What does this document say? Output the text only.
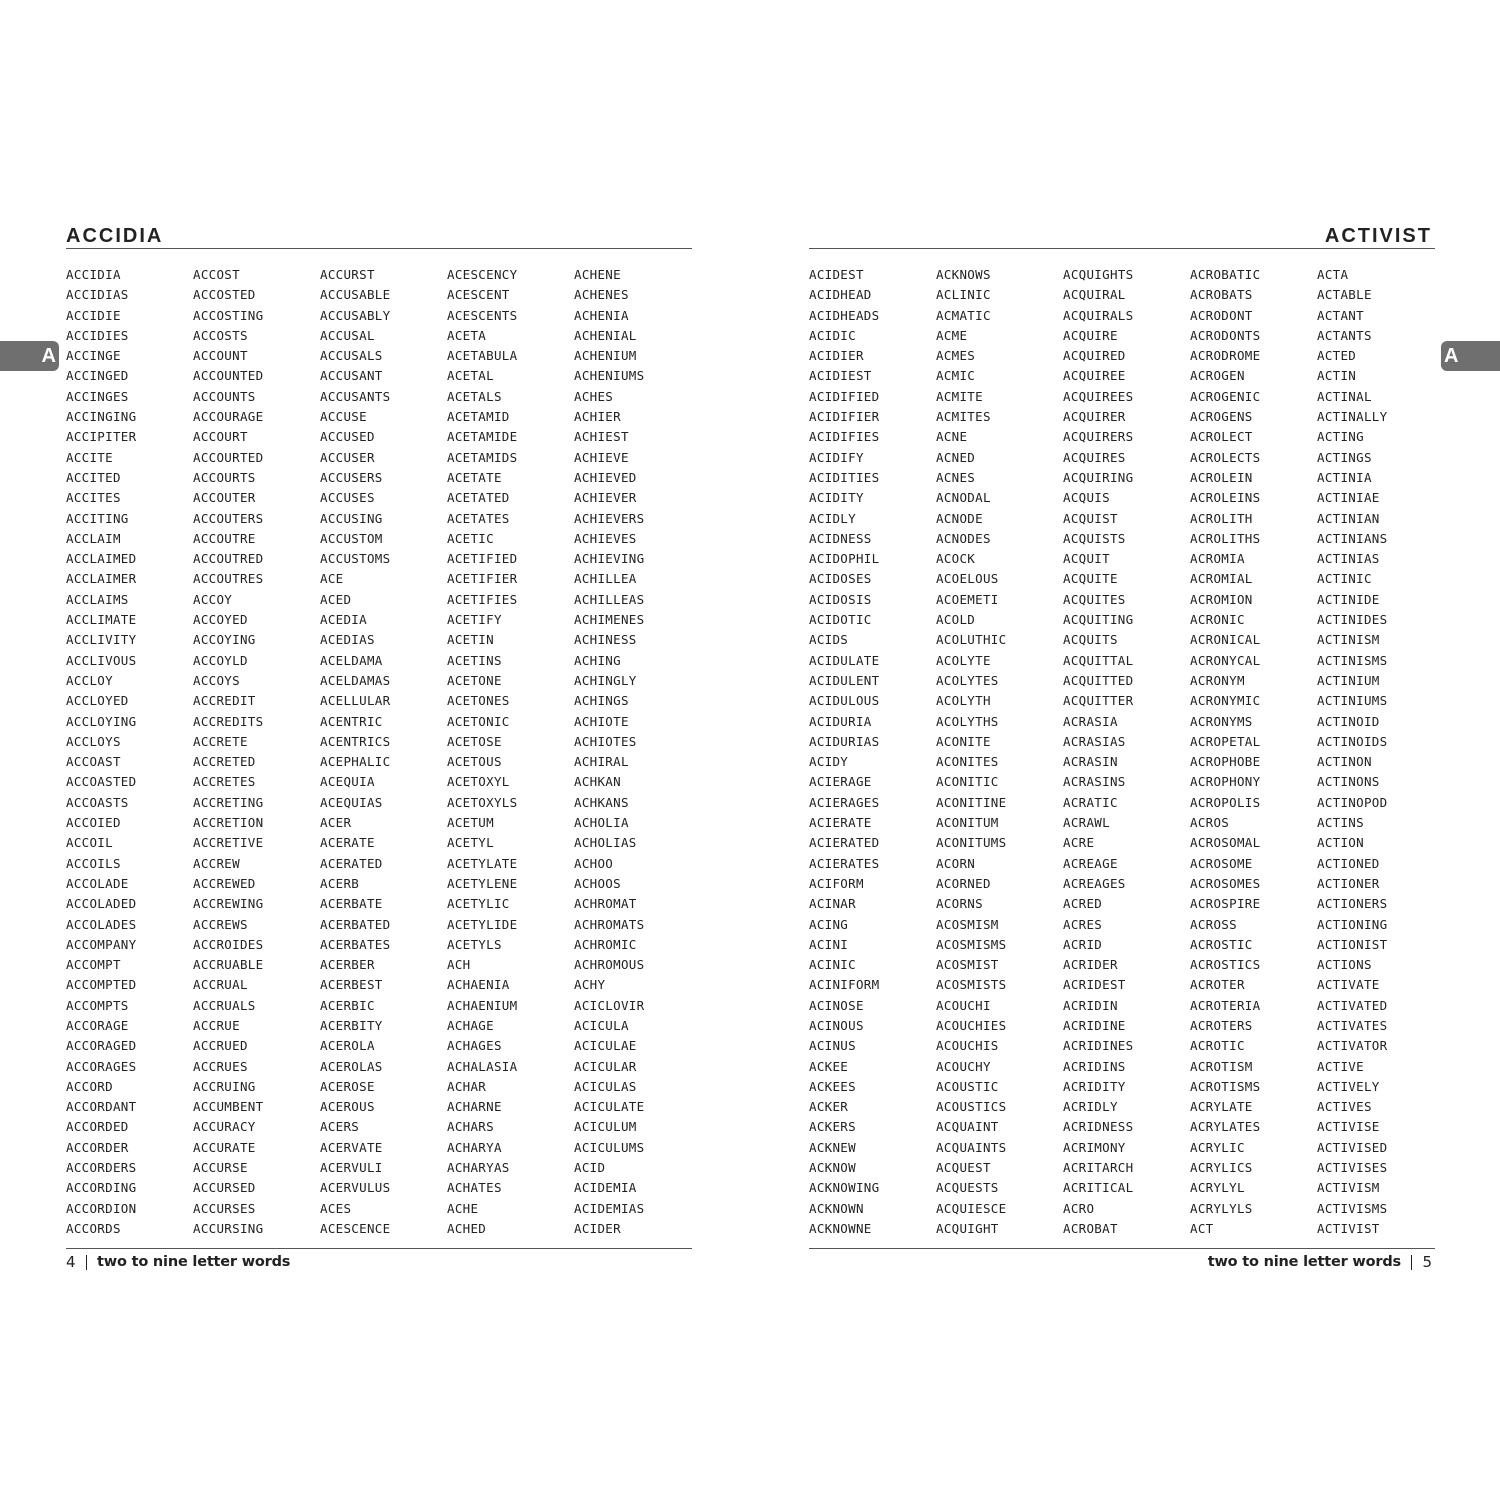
ACCIDIA
ACCIDIA
ACCIDIAS
ACCIDIE
ACCIDIES
ACCINGE
ACCINGED
ACCINGES
ACCINGING
ACCIPITER
ACCITE
ACCITED
ACCITES
ACCITING
ACCLAIM
ACCLAIMED
ACCLAIMER
ACCLAIMS
ACCLIMATE
ACCLIVITY
ACCLIVOUS
ACCLOY
ACCLOYED
ACCLOYING
ACCLOYS
ACCOAST
ACCOASTED
ACCOASTS
ACCOIED
ACCOIL
ACCOILS
ACCOLADE
ACCOLADED
ACCOLADES
ACCOMPANY
ACCOMPT
ACCOMPTED
ACCOMPTS
ACCORAGE
ACCORAGED
ACCORAGES
ACCORD
ACCORDANT
ACCORDED
ACCORDER
ACCORDERS
ACCORDING
ACCORDION
ACCORDS
ACCOST
ACCOSTED
ACCOSTING
ACCOSTS
ACCOUNT
ACCOUNTED
ACCOUNTS
ACCOURAGE
ACCOURT
ACCOURTED
ACCOURTS
ACCOUTER
ACCOUTERS
ACCOUTRE
ACCOUTRED
ACCOUTRES
ACCOY
ACCOYED
ACCOYING
ACCOYLD
ACCOYS
ACCREDIT
ACCREDITS
ACCRETE
ACCRETED
ACCRETES
ACCRETING
ACCRETION
ACCRETIVE
ACCREW
ACCREWED
ACCREWING
ACCREWS
ACCROIDES
ACCRUABLE
ACCRUAL
ACCRUALS
ACCRUE
ACCRUED
ACCRUES
ACCRUING
ACCUMBENT
ACCURACY
ACCURATE
ACCURSE
ACCURSED
ACCURSES
ACCURSING
ACCURST
ACCUSABLE
ACCUSABLY
ACCUSAL
ACCUSALS
ACCUSANT
ACCUSANTS
ACCUSE
ACCUSED
ACCUSER
ACCUSERS
ACCUSES
ACCUSING
ACCUSTOM
ACCUSTOMS
ACE
ACED
ACEDIA
ACEDIAS
ACELDAMA
ACELDAMAS
ACELLULAR
ACENTRIC
ACENTRICS
ACEPHALIC
ACEQUIA
ACEQUIAS
ACER
ACERATE
ACERATED
ACERB
ACERBATE
ACERBATED
ACERBATES
ACERBER
ACERBEST
ACERBIC
ACERBITY
ACEROLA
ACEROLAS
ACEROSE
ACEROUS
ACERS
ACERVATE
ACERVULI
ACERVULUS
ACES
ACESCENCE
ACESCENCY
ACESCENT
ACESCENTS
ACETA
ACETABULA
ACETAL
ACETALS
ACETAMID
ACETAMIDE
ACETAMIDS
ACETATE
ACETATED
ACETATES
ACETIC
ACETIFIED
ACETIFIER
ACETIFIES
ACETIFY
ACETIN
ACETINS
ACETONE
ACETONES
ACETONIC
ACETOSE
ACETOUS
ACETOXYL
ACETOXYLS
ACETUM
ACETYL
ACETYLATE
ACETYLENE
ACETYLIC
ACETYLIDE
ACETYLS
ACH
ACHAENIA
ACHAENIUM
ACHAGE
ACHAGES
ACHALASIA
ACHAR
ACHARNE
ACHARS
ACHARYA
ACHARYAS
ACHATES
ACHE
ACHED
ACHENE
ACHENES
ACHENIA
ACHENIAL
ACHENIUM
ACHENIUMS
ACHES
ACHIER
ACHIEST
ACHIEVE
ACHIEVED
ACHIEVER
ACHIEVERS
ACHIEVES
ACHIEVING
ACHILLEA
ACHILLEAS
ACHIMENES
ACHINESS
ACHING
ACHINGLY
ACHINGS
ACHIOTE
ACHIOTES
ACHIRAL
ACHKAN
ACHKANS
ACHOLIA
ACHOLIAS
ACHOO
ACHOOS
ACHROMAT
ACHROMATS
ACHROMIC
ACHROMOUS
ACHY
ACICLOVIR
ACICULA
ACICULAE
ACICULAR
ACICULAS
ACICULATE
ACICULUM
ACICULUMS
ACID
ACIDEMIA
ACIDEMIAS
ACIDER
4 two to nine letter words
A
ACTIVIST
ACIDEST
ACIDHEAD
ACIDHEADS
ACIDIC
ACIDIER
ACIDIEST
ACIDIFIED
ACIDIFIER
ACIDIFIES
ACIDIFY
ACIDITIES
ACIDITY
ACIDLY
ACIDNESS
ACIDOPHIL
ACIDOSES
ACIDOSIS
ACIDOTIC
ACIDS
ACIDULATE
ACIDULENT
ACIDULOUS
ACIDURIA
ACIDURIAS
ACIDY
ACIERAGE
ACIERAGES
ACIERATE
ACIERATED
ACIERATES
ACIFORM
ACINAR
ACING
ACINI
ACINIC
ACINIFORM
ACINOSE
ACINOUS
ACINUS
ACKEE
ACKEES
ACKER
ACKERS
ACKNEW
ACKNOW
ACKNOWING
ACKNOWN
ACKNOWNE
ACKNOWS
ACLINIC
ACMATIC
ACME
ACMES
ACMIC
ACMITE
ACMITES
ACNE
ACNED
ACNES
ACNODAL
ACNODE
ACNODES
ACOCK
ACOELOUS
ACOEMETI
ACOLD
ACOLUTHIC
ACOLYTE
ACOLYTES
ACOLYTH
ACOLYTHS
ACONITE
ACONITES
ACONITIC
ACONITINE
ACONITUM
ACONITUMS
ACORN
ACORNED
ACORNS
ACOSMISM
ACOSMISMS
ACOSMIST
ACOSMISTS
ACOUCHI
ACOUCHIES
ACOUCHIS
ACOUCHY
ACOUSTIC
ACOUSTICS
ACQUAINT
ACQUAINTS
ACQUEST
ACQUESTS
ACQUIESCE
ACQUIGHT
ACQUIGHTS
ACQUIRAL
ACQUIRALS
ACQUIRE
ACQUIRED
ACQUIREE
ACQUIREES
ACQUIRER
ACQUIRERS
ACQUIRES
ACQUIRING
ACQUIS
ACQUIST
ACQUISTS
ACQUIT
ACQUITE
ACQUITES
ACQUITING
ACQUITS
ACQUITTAL
ACQUITTED
ACQUITTER
ACRASIA
ACRASIAS
ACRASIN
ACRASINS
ACRATIC
ACRAWL
ACRE
ACREAGE
ACREAGES
ACRED
ACRES
ACRID
ACRIDER
ACRIDEST
ACRIDIN
ACRIDINE
ACRIDINES
ACRIDINS
ACRIDITY
ACRIDLY
ACRIDNESS
ACRIMONY
ACRITARCH
ACRITICAL
ACRO
ACROBAT
ACROBATIC
ACROBATS
ACRODONT
ACRODONTS
ACRODROME
ACROGEN
ACROGENIC
ACROGENS
ACROLECT
ACROLECTS
ACROLEIN
ACROLEINS
ACROLITH
ACROLITHS
ACROMIA
ACROMIAL
ACROMION
ACRONIC
ACRONICAL
ACRONYCAL
ACRONYM
ACRONYMIC
ACRONYMS
ACROPETAL
ACROPHOBE
ACROPHONY
ACROPOLIS
ACROS
ACROSOMAL
ACROSOME
ACROSOMES
ACROSPIRE
ACROSS
ACROSTIC
ACROSTICS
ACROTER
ACROTERIA
ACROTERS
ACROTIC
ACROTISM
ACROTISMS
ACRYLATE
ACRYLATES
ACRYLIC
ACRYLICS
ACRYLYL
ACRYLYLS
ACT
ACTA
ACTABLE
ACTANT
ACTANTS
ACTED
ACTIN
ACTINAL
ACTINALLY
ACTING
ACTINGS
ACTINIA
ACTINIAE
ACTINIAN
ACTINIANS
ACTINIAS
ACTINIC
ACTINIDE
ACTINIDES
ACTINISM
ACTINISMS
ACTINIUM
ACTINIUMS
ACTINOID
ACTINOIDS
ACTINON
ACTINONS
ACTINOPOD
ACTINS
ACTION
ACTIONED
ACTIONER
ACTIONERS
ACTIONING
ACTIONIST
ACTIONS
ACTIVATE
ACTIVATED
ACTIVATES
ACTIVATOR
ACTIVE
ACTIVELY
ACTIVES
ACTIVISE
ACTIVISED
ACTIVISES
ACTIVISM
ACTIVISMS
ACTIVIST
two to nine letter words 5
A
